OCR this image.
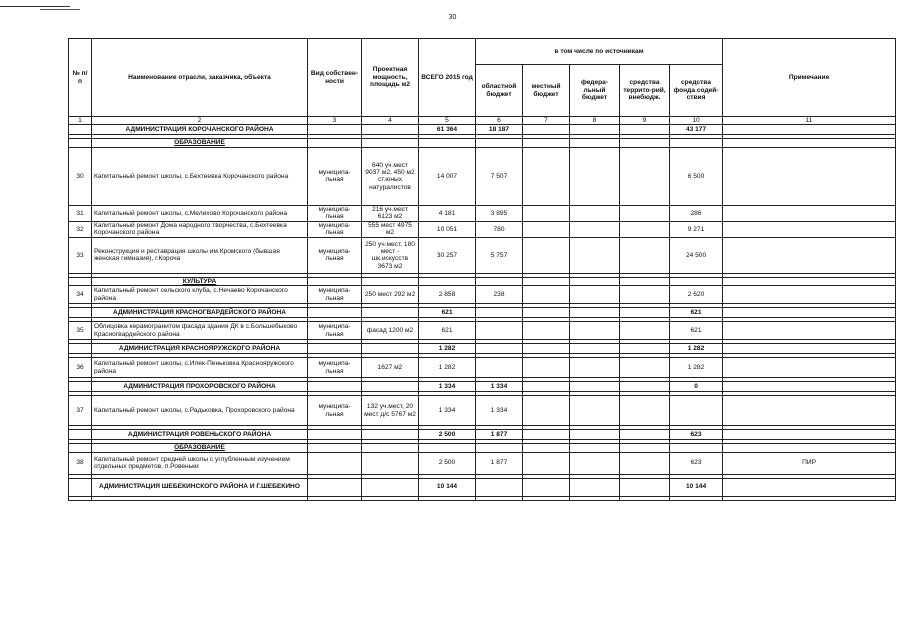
30
№ п/п	Наименование отрасли, заказчика, объекта	Вид собствен-ности	Проектная мощность, площадь м2	ВСЕГО 2015 год	в том числе по источникам					Примечание
					областной бюджет	местный бюджет	федера-льный бюджет	средства террито-рий, внебюдж.	средства фонда содей-ствия	
1	2	3	4	5	6	7	8	9	10	11
	АДМИНИСТРАЦИЯ КОРОЧАНСКОГО РАЙОНА			61 364	18 187				43 177	

	ОБРАЗОВАНИЕ									
30	Капитальный ремонт школы, с.Бехтеевка Корочанского района	муниципа-льная	640 уч.мест 9037 м2, 450 м2 ст.юных натуралистов	14 007	7 507				6 500	
31	Капитальный ремонт школы, с.Мелихово Корочанского района	муниципа-льная	216 уч.мест 6123 м2	4 181	3 895				286	
32	Капитальный ремонт Дома народного творчества, с.Бехтеевка Корочанского района	муниципа-льная	555 мест 4975 м2	10 051	780				9 271	
33	Реконструкция и реставрация школы им.Кромского (бывшая женская гимназия), г.Короча	муниципа-льная	250 уч.мест, 180 мест - шк.искусств 3673 м2	30 257	5 757				24 500	

	КУЛЬТУРА									
34	Капитальный ремонт сельского клуба, с.Нечаево Корочанского района	муниципа-льная	250 мест 292 м2	2 858	238				2 620	

	АДМИНИСТРАЦИЯ КРАСНОГВАРДЕЙСКОГО РАЙОНА			621					621	

35	Облицовка керамогранитом фасада здания ДК в с.Большебыково Красногвардейского района	муниципа-льная	фасад 1200 м2	621					621	

	АДМИНИСТРАЦИЯ КРАСНОЯРУЖСКОГО РАЙОНА			1 282					1 282	

36	Капитальный ремонт школы, с.Илек-Пеньковка Краснояружского района	муниципа-льная	1627 м2	1 282					1 282	

	АДМИНИСТРАЦИЯ ПРОХОРОВСКОГО РАЙОНА			1 334	1 334				0	

37	Капитальный ремонт школы, с.Радьковка, Прохоровского района	муниципа-льная	132 уч.мест, 20 мест д/с 5767 м2	1 334	1 334					

	АДМИНИСТРАЦИЯ РОВЕНЬСКОГО РАЙОНА			2 500	1 877				623	

	ОБРАЗОВАНИЕ									
38	Капитальный ремонт средней школы с углубленным изучением отдельных предметов, п.Ровеньки			2 500	1 877				623	ПИР

	АДМИНИСТРАЦИЯ ШЕБЕКИНСКОГО РАЙОНА И Г.ШЕБЕКИНО			10 144					10 144	
